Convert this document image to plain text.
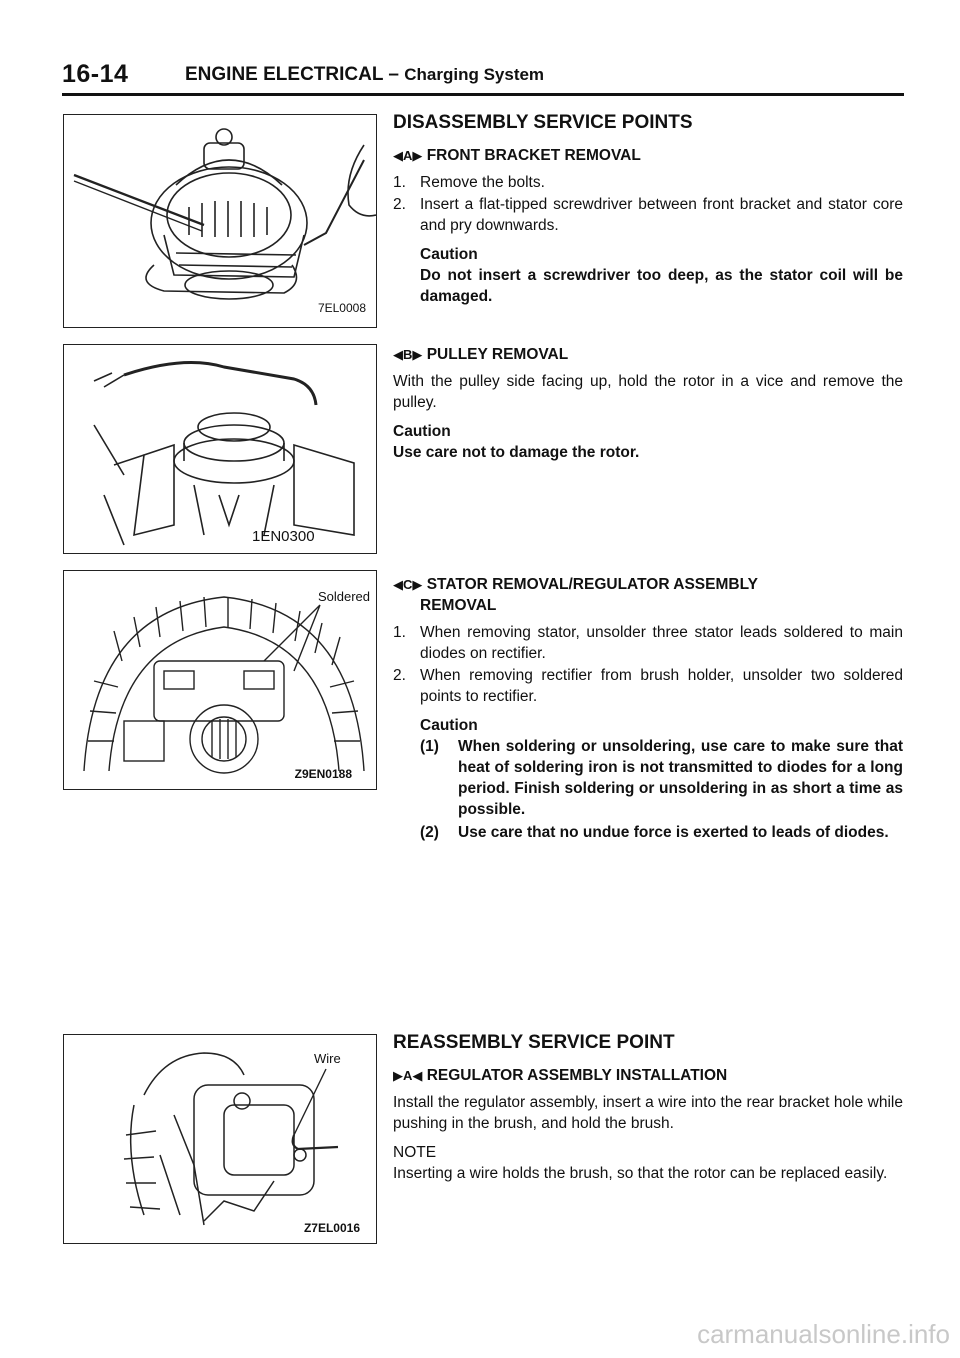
16-14	ENGINE ELECTRICAL – Charging System
7EL0008
1EN0300
Soldered
Z9EN0188
Wire
Z7EL0016
DISASSEMBLY SERVICE POINTS
◀A▶ FRONT BRACKET REMOVAL
1. Remove the bolts.
2. Insert a flat-tipped screwdriver between front bracket and stator core and pry downwards.
Caution
Do not insert a screwdriver too deep, as the stator coil will be damaged.
◀B▶ PULLEY REMOVAL
With the pulley side facing up, hold the rotor in a vice and remove the pulley.
Caution
Use care not to damage the rotor.
◀C▶ STATOR REMOVAL/REGULATOR ASSEMBLY
REMOVAL
1. When removing stator, unsolder three stator leads soldered to main diodes on rectifier.
2. When removing rectifier from brush holder, unsolder two soldered points to rectifier.
Caution
(1) When soldering or unsoldering, use care to make sure that heat of soldering iron is not transmitted to diodes for a long period. Finish soldering or unsoldering in as short a time as possible.
(2) Use care that no undue force is exerted to leads of diodes.
REASSEMBLY SERVICE POINT
▶A◀ REGULATOR ASSEMBLY INSTALLATION
Install the regulator assembly, insert a wire into the rear bracket hole while pushing in the brush, and hold the brush.
NOTE
Inserting a wire holds the brush, so that the rotor can be replaced easily.
carmanualsonline.info
